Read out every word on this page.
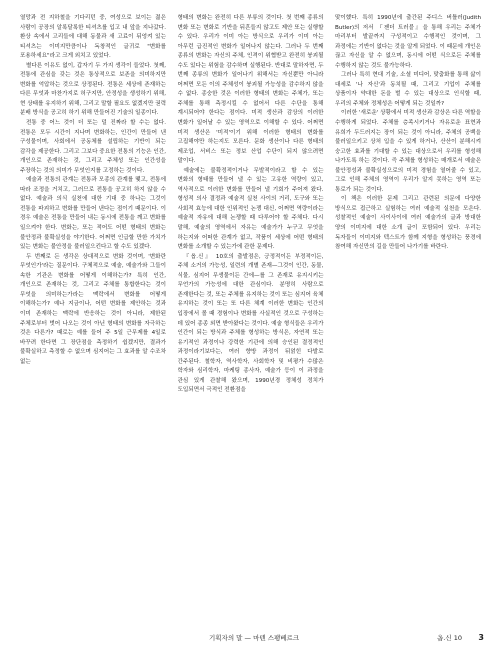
열망과 전 지하철을 기다리던 중, 여성으로 보이는 젊은 사람이 공장의 알록달록한 티셔츠를 입고 내 앞을 지나갔다. 환상 속에서 고리들에 대해 동물과 새 고료이 뒤엉켜 있는 티셔츠는 이미지만큼이나 독창적인 글귀로 "변화를 포용하세요"라고 크게 외치고 있었다.

별다른 이유도 없이, 갑자기 두 가지 생각이 들었다. 첫째, 전통에 관심을 갖는 것은 통상적으로 보존을 의미하지만 변화를 억압하는 것으로 상정된다. 전통은 세상에 존재하는 다른 무엇과 마찬가지로 허구지만, 안정성을 생성하기 위해, 현 상태를 유지하기 위해, 그리고 말할 필요도 없겠지만 권력 분배 방식을 공고히 하기 위해 만들어진 기술의 일종이다.

전통 중 어느 것이 더 또는 덜 진짜라 할 수는 없다. 전통은 모두 시간이 지나며 변화하는, 인간이 만들어 낸 구성물이며, 사회에서 공동체를 설립하는 기반이 되는 감각을 제공한다. 그리고 그보다 중요한 전통의 기능은 인간, 개인으로 존재하는 것, 그리고 주체성 또는 인간성을 주장하는 것의 의미가 무엇인지를 고정하는 것이다.

예술과 전통의 관계는 전통과 모종의 관계를 맺고, 전통에 따라 조정을 거치고, 그러므로 전통을 공고히 하지 않을 수 없다. 예술과 의식 실천에 대한 기대 중 하나는 그것이 전통을 파괴하고 변화를 만들어 낸다는 점이기 때문이다. 이 경우 예술은 전통을 만들어 내는 동시에 전통을 깨고 변화를 일으켜야 한다. 변화는, 또는 적어도 어떤 형태의 변화는 불안정과 불확실성을 야기한다. 어쩌면 인급할 만한 가치가 있는 변화는 불안정을 불러일으킨다고 할 수도 있겠다.

두 번째로 든 생각은 상대적으로 변화 것이며, '변화란 무엇인가'라는 질문이다. 구체적으로 예술, 예술가와 그들이 속한 기관은 변화를 어떻게 이해하는가? 특히 인간, 개인으로 존재하는 것, 그리고 주체를 통합한다는 것이 무엇을 의미하는가라는 맥락에서 변화를 어떻게 이해하는가? 예나 지금이나, 어떤 변화를 제안하는 것과 이미 존재하는 맥락에 반응하는 것이 아니라, 제한된 주체로부터 벗어 나오는 것이 아닌 형태의 변화를 자극하는 것은 다른가? 때로는 예를 들어 주 5일 근무제를 4일로 바꾸려 한다면 그 장단점을 측정하기 쉽겠지만, 결과가 불확실하고 측정할 수 없으며 심지어는 그 효과를 알 수조차 없는

형태의 변화는 완전히 다른 부류의 것이다. 첫 번째 종류의 변화 또는 변화로 기반을 뒤흔들지 않고도 제안 또는 실행할 수 있다. 우리가 이미 아는 방식으로 우리가 이미 아는 아무런 급진적인 변화가 일어나지 않는다. 그러나 두 번째 종류의 변화는 자신의 주체, 인격이 위협받고 완전히 붕괴될 수도 있다는 위험을 감수하며 실행된다. 반대로 말하자면, 두 번째 종류의 변화가 일어나기 위해서는 자신뿐만 아니라 어쩌면 모든 이의 주체성이 붕괴될 가능성을 감수하지 않을 수 없다. 종숭한 것은 이러한 형태의 변화는 주체가, 또는 주체를 통해 측정시킬 수 없어서 다른 수단을 통해 계시되어야 한다는 점이다. 미적 생산과 감상의 이러한 변화가 일어날 수 있는 영역으로 이해할 수 있다. 어쩌면 미적 생산은 '미적'이기 위해 이러한 형태의 변화를 고집해야만 하는지도 모른다. 문화 생산이나 다른 형태의 제조업, 서비스 또는 정보 산업 수단이 되지 않으려면 말이다.

예술에는 불확정적이거나 무발적이라고 할 수 있는 변화의 형태를 만들어 낼 수 있는 고유한 역량이 있고, 역사적으로 이러한 변화를 만들어 낼 기회가 주어져 왔다. 형성적 의사 결정과 예술적 실천 사이의 거리, 도구와 또는 사회적 효능에 대한 인위적인 논쟁 대신, 어쩌면 역량이라는 예술적 자유에 대해 논쟁할 때 다루어야 할 주체다. 다시 말해, 예술의 영역에서 자유는 예술가가 누구고 무엇을 하는지와 어떠한 관계가 없고, 작품이 세상에 어떤 형태의 변화를 소개할 수 있는가에 관한 문제다.

『옵.신』 10호의 출발점은, 긍정적이든 부정적이든, 주체 소거의 가능성, 일련의 개별 존재—그것이 인간, 동물, 식물, 심지어 무생물이든 간에—를 그 존재로 유지시키는 무언가의 가능성에 대한 관심이다. 분명히 사람으로 존재한다는 것, 또는 주체를 유지하는 것이 또는 심지어 육체 유지하는 것이 또는 또 다른 체계 이러한 변화는 인간의 입장에서 볼 때 경험이나 변화를 사실적인 것으로 구성하는 데 있어 종종 외면 받아왔다는 것이다. 예술 형식들은 우리가 인간이 되는 방식과 주체를 형성하는 방식은, 자연적 또는 유기적인 과정이나 강력한 기관에 의해 승인된 결정적인 과정이라기보다는, 여러 향방 과정이 뒤얽힌 다발로 간주된다. 철학자, 역사학자, 사회학자 및 비평가 수많은 학자와 심리학자, 마케팅 종사자, 예술가 등이 이 과정을 관심 있게 관찰해 왔으며, 1990년경 정체성 정치가 도입되면서 극적인 전환점을

맞이했다. 특히 1990년에 출간된 주디스 버틀러(Judith Butler)의 저서 『젠더 트러블』을 통해 우리는 주체가 마리부터 발끝까지 구성적이고 수행적인 것이며, 그 과정에는 기반이 없다는 것을 알게 되었다. 이 때문에 개인은 끊고 자신을 알 수 없으며, 동시에 어떤 식으로든 주체를 수행하지 않는 것도 불가능하다.

그러나 특히 현대 기술, 소셜 미디어, 맞춤화를 통해 삶이 대세로 '나 자신'과 동치될 때, 그리고 기업이 주체를 상품이자 약대한 돈을 벌 수 있는 대상으로 인식할 때, 우리의 주체와 정체성은 어떻게 되는 것일까?

이러한 '새로운' 상황에서 미적 생산과 감상은 다른 역할을 수행하게 되었다. 주체를 층족시키거나 자유로운 표현과 유희가 두드러지는 장이 되는 것이 아니라, 주체의 공백을 불러일으키고 상처 입을 수 있게 하거나, 산산이 분해시켜 숭고한 효과를 기대할 수 있는 대상으로서 우리를 형성해 나가도록 하는 것이다. 즉 주체를 형성하는 매개로서 예술은 불안정성과 불확실성으로의 미적 경험을 열어줄 수 있고, 그로 인해 주체의 영역이 우리가 알지 못하는 영역 또는 통로가 되는 것이다.

이 책은 이러한 문제 그리고 관련된 의문에 다양한 방식으로 접근하고 실험하는 여러 예술적 실천을 모은다. 성찰적인 예술이 사이사이에 여러 예술가의 글과 방대한 양의 이미지에 대한 소개 글이 포함되어 있다. 우리는 독자들이 이미지와 텍스트가 함께 지형을 형성하는 풍경에 참여해 자신만의 길을 만들어 나가기를 바란다.

기획자의 말 — 마텐 스팽베르크	옵.신 10 3
